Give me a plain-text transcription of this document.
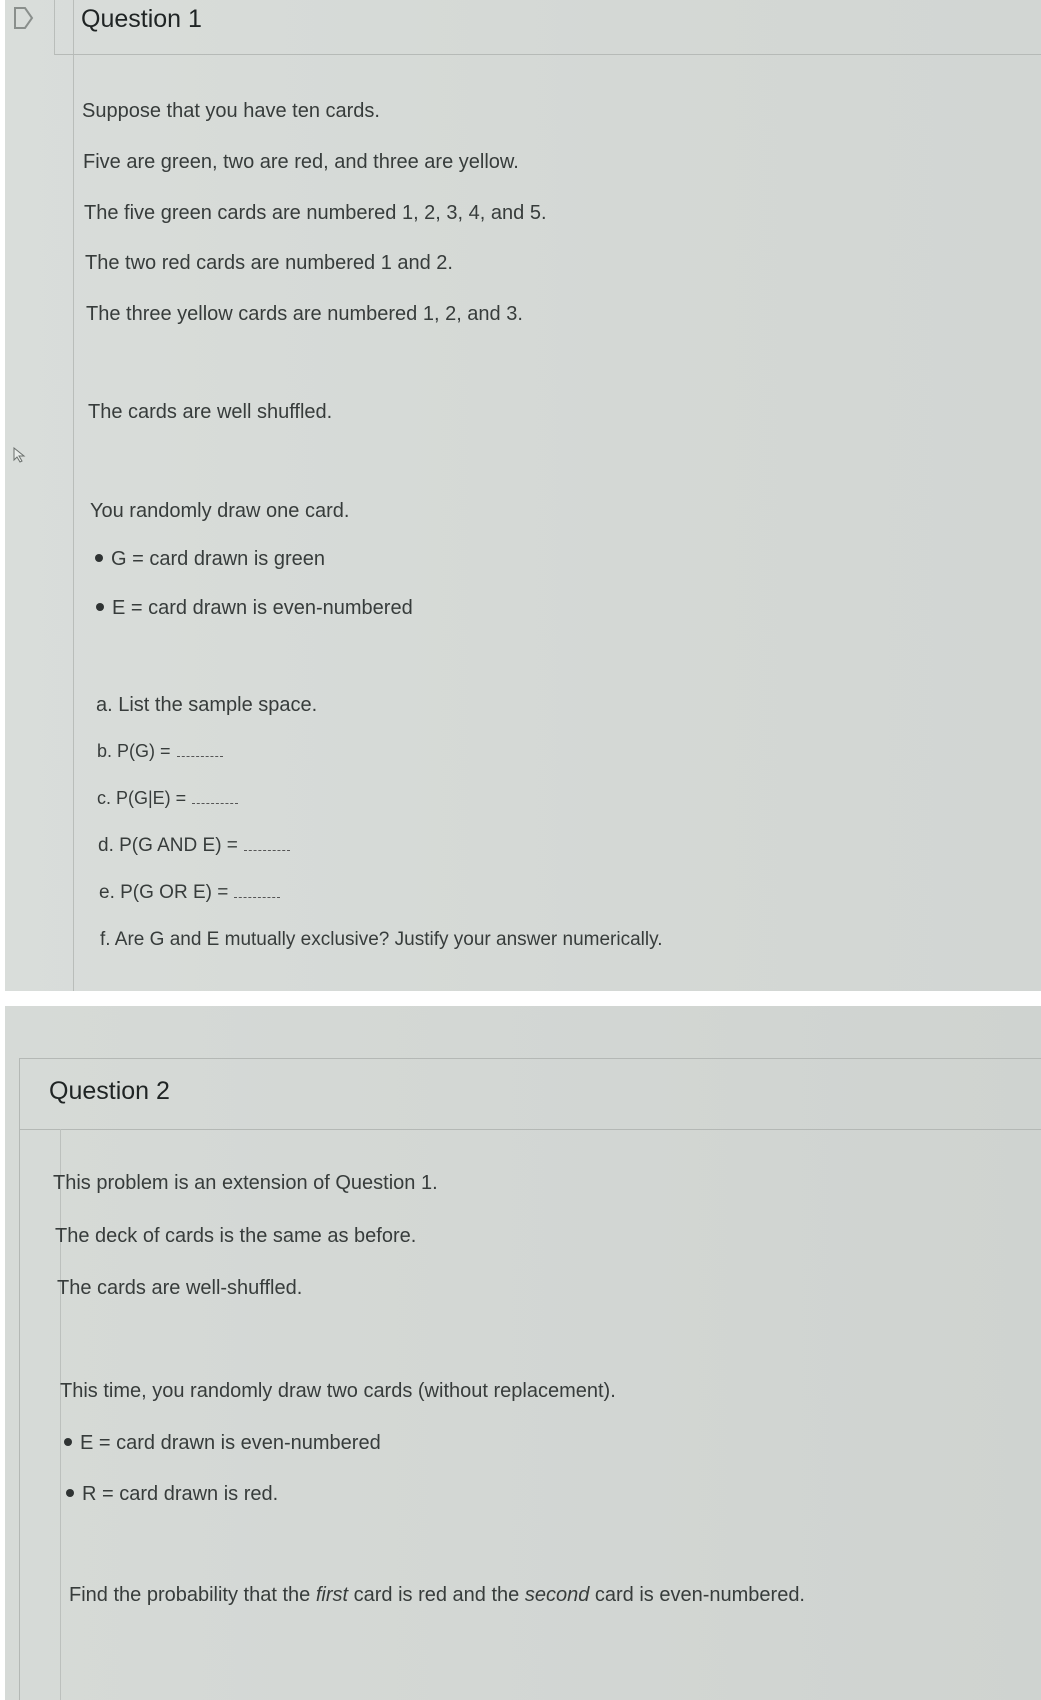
Question 1

Suppose that you have ten cards.

Five are green, two are red, and three are yellow.

The five green cards are numbered 1, 2, 3, 4, and 5.

The two red cards are numbered 1 and 2.

The three yellow cards are numbered 1, 2, and 3.

The cards are well shuffled.

You randomly draw one card.

G = card drawn is green

E = card drawn is even-numbered

a. List the sample space.

b. P(G) =

c. P(G|E) =

d. P(G AND E) =

e. P(G OR E) =

f. Are G and E mutually exclusive? Justify your answer numerically.

Question 2

This problem is an extension of Question 1.

The deck of cards is the same as before.

The cards are well-shuffled.

This time, you randomly draw two cards (without replacement).

E = card drawn is even-numbered

R = card drawn is red.

Find the probability that the first card is red and the second card is even-numbered.
